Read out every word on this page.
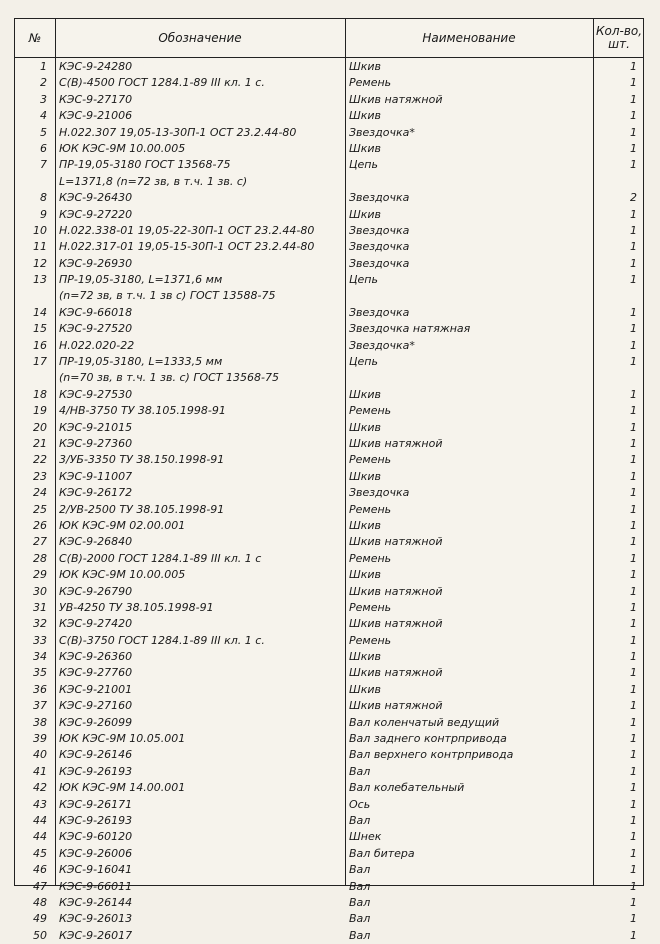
№	Обозначение	Наименование	Кол-во, шт.
1 КЭС-9-24280	Шкив	1
2 С(В)-4500 ГОСТ 1284.1-89 III кл. 1 с.	Ремень	1
3 КЭС-9-27170	Шкив натяжной	1
4 КЭС-9-21006	Шкив	1
5 Н.022.307 19,05-13-30П-1 ОСТ 23.2.44-80	Звездочка*	1
6 ЮК КЭС-9М 10.00.005	Шкив	1
7 ПР-19,05-3180 ГОСТ 13568-75	Цепь	1
L=1371,8 (n=72 зв, в т.ч. 1 зв. с)
8 КЭС-9-26430	Звездочка	2
9 КЭС-9-27220	Шкив	1
10 Н.022.338-01 19,05-22-30П-1 ОСТ 23.2.44-80	Звездочка	1
11 Н.022.317-01 19,05-15-30П-1 ОСТ 23.2.44-80	Звездочка	1
12 КЭС-9-26930	Звездочка	1
13 ПР-19,05-3180, L=1371,6 мм	Цепь	1
(n=72 зв, в т.ч. 1 зв с) ГОСТ 13588-75
14 КЭС-9-66018	Звездочка	1
15 КЭС-9-27520	Звездочка натяжная	1
16 Н.022.020-22	Звездочка*	1
17 ПР-19,05-3180, L=1333,5 мм	Цепь	1
(n=70 зв, в т.ч. 1 зв. с) ГОСТ 13568-75
18 КЭС-9-27530	Шкив	1
19 4/НВ-3750 ТУ 38.105.1998-91	Ремень	1
20 КЭС-9-21015	Шкив	1
21 КЭС-9-27360	Шкив натяжной	1
22 3/УБ-3350 ТУ 38.150.1998-91	Ремень	1
23 КЭС-9-11007	Шкив	1
24 КЭС-9-26172	Звездочка	1
25 2/УВ-2500 ТУ 38.105.1998-91	Ремень	1
26 ЮК КЭС-9М 02.00.001	Шкив	1
27 КЭС-9-26840	Шкив натяжной	1
28 С(В)-2000 ГОСТ 1284.1-89 III кл. 1 с	Ремень	1
29 ЮК КЭС-9М 10.00.005	Шкив	1
30 КЭС-9-26790	Шкив натяжной	1
31 УВ-4250 ТУ 38.105.1998-91	Ремень	1
32 КЭС-9-27420	Шкив натяжной	1
33 С(В)-3750 ГОСТ 1284.1-89 III кл. 1 с.	Ремень	1
34 КЭС-9-26360	Шкив	1
35 КЭС-9-27760	Шкив натяжной	1
36 КЭС-9-21001	Шкив	1
37 КЭС-9-27160	Шкив натяжной	1
38 КЭС-9-26099	Вал коленчатый ведущий	1
39 ЮК КЭС-9М 10.05.001	Вал заднего контрпривода	1
40 КЭС-9-26146	Вал верхнего контрпривода	1
41 КЭС-9-26193	Вал	1
42 ЮК КЭС-9М 14.00.001	Вал колебательный	1
43 КЭС-9-26171	Ось	1
44 КЭС-9-26193	Вал	1
44 КЭС-9-60120	Шнек	1
45 КЭС-9-26006	Вал битера	1
46 КЭС-9-16041	Вал	1
47 КЭС-9-66011	Вал	1
48 КЭС-9-26144	Вал	1
49 КЭС-9-26013	Вал	1
50 КЭС-9-26017	Вал	1
